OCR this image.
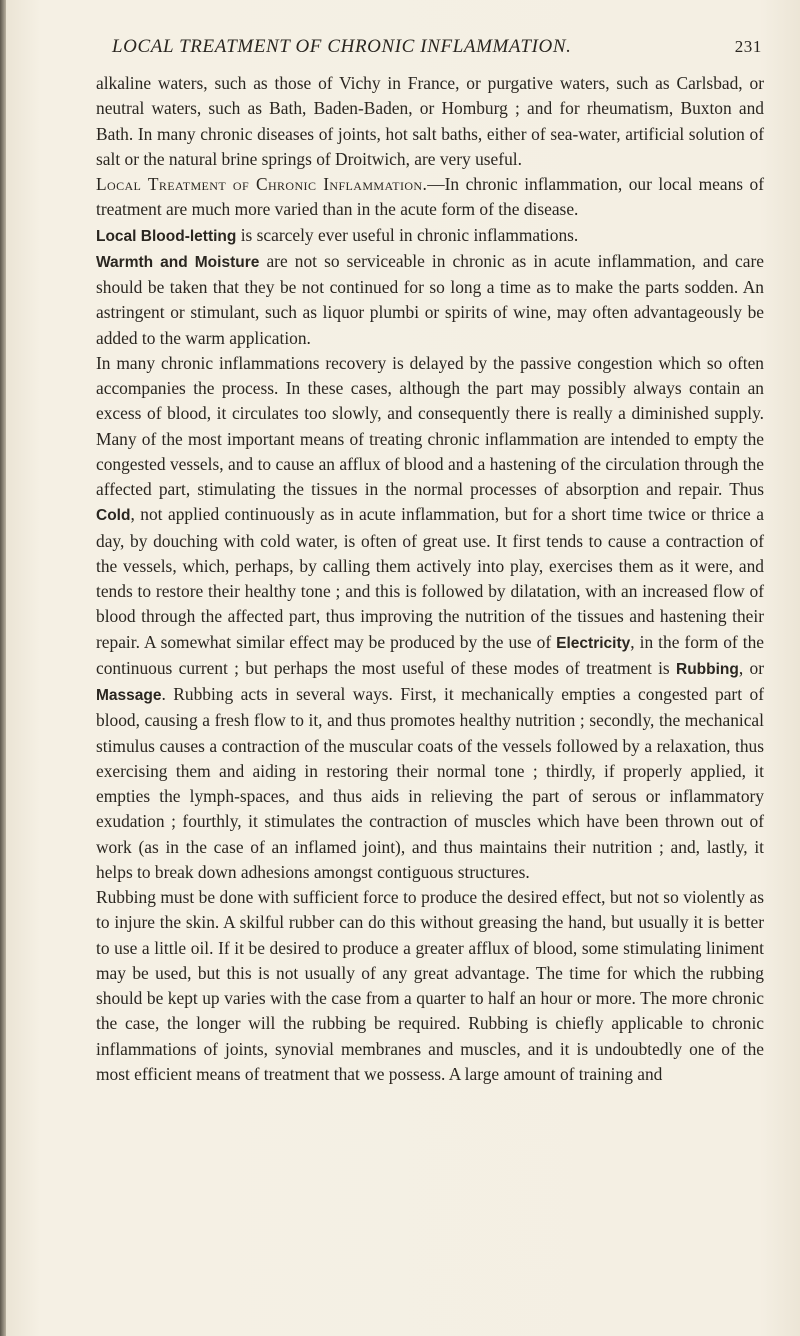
LOCAL TREATMENT OF CHRONIC INFLAMMATION.	231

alkaline waters, such as those of Vichy in France, or purgative waters, such as Carlsbad, or neutral waters, such as Bath, Baden-Baden, or Homburg ; and for rheumatism, Buxton and Bath. In many chronic diseases of joints, hot salt baths, either of sea-water, artificial solution of salt or the natural brine springs of Droitwich, are very useful.

Local Treatment of Chronic Inflammation.—In chronic inflammation, our local means of treatment are much more varied than in the acute form of the disease.

Local Blood-letting is scarcely ever useful in chronic inflammations.

Warmth and Moisture are not so serviceable in chronic as in acute inflammation, and care should be taken that they be not continued for so long a time as to make the parts sodden. An astringent or stimulant, such as liquor plumbi or spirits of wine, may often advantageously be added to the warm application.

In many chronic inflammations recovery is delayed by the passive congestion which so often accompanies the process. In these cases, although the part may possibly always contain an excess of blood, it circulates too slowly, and consequently there is really a diminished supply. Many of the most important means of treating chronic inflammation are intended to empty the congested vessels, and to cause an afflux of blood and a hastening of the circulation through the affected part, stimulating the tissues in the normal processes of absorption and repair. Thus Cold, not applied continuously as in acute inflammation, but for a short time twice or thrice a day, by douching with cold water, is often of great use. It first tends to cause a contraction of the vessels, which, perhaps, by calling them actively into play, exercises them as it were, and tends to restore their healthy tone ; and this is followed by dilatation, with an increased flow of blood through the affected part, thus improving the nutrition of the tissues and hastening their repair. A somewhat similar effect may be produced by the use of Electricity, in the form of the continuous current ; but perhaps the most useful of these modes of treatment is Rubbing, or Massage. Rubbing acts in several ways. First, it mechanically empties a congested part of blood, causing a fresh flow to it, and thus promotes healthy nutrition ; secondly, the mechanical stimulus causes a contraction of the muscular coats of the vessels followed by a relaxation, thus exercising them and aiding in restoring their normal tone ; thirdly, if properly applied, it empties the lymph-spaces, and thus aids in relieving the part of serous or inflammatory exudation ; fourthly, it stimulates the contraction of muscles which have been thrown out of work (as in the case of an inflamed joint), and thus maintains their nutrition ; and, lastly, it helps to break down adhesions amongst contiguous structures.

Rubbing must be done with sufficient force to produce the desired effect, but not so violently as to injure the skin. A skilful rubber can do this without greasing the hand, but usually it is better to use a little oil. If it be desired to produce a greater afflux of blood, some stimulating liniment may be used, but this is not usually of any great advantage. The time for which the rubbing should be kept up varies with the case from a quarter to half an hour or more. The more chronic the case, the longer will the rubbing be required. Rubbing is chiefly applicable to chronic inflammations of joints, synovial membranes and muscles, and it is undoubtedly one of the most efficient means of treatment that we possess. A large amount of training and
